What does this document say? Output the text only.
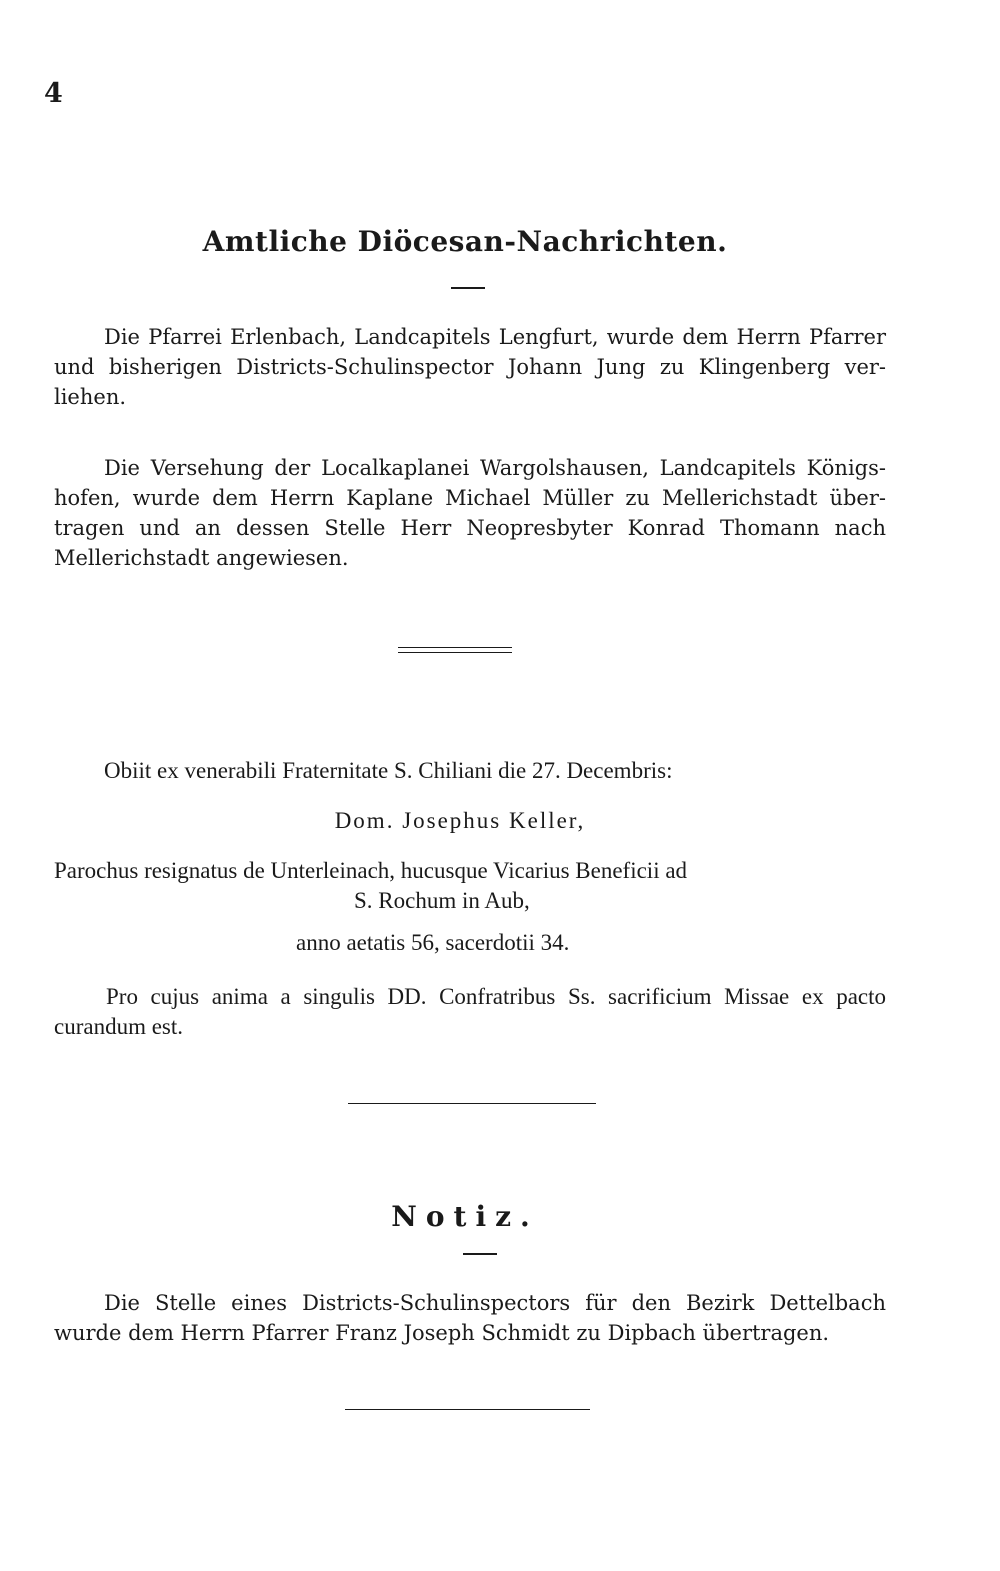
4
Amtliche Diöcesan-Nachrichten.

Die Pfarrei Erlenbach, Landcapitels Lengfurt, wurde dem Herrn Pfarrer und bisherigen Districts-Schulinspector Johann Jung zu Klingenberg ver-liehen.

Die Versehung der Localkaplanei Wargolshausen, Landcapitels Königs-hofen, wurde dem Herrn Kaplane Michael Müller zu Mellerichstadt über-tragen und an dessen Stelle Herr Neopresbyter Konrad Thomann nach Mellerichstadt angewiesen.

Obiit ex venerabili Fraternitate S. Chiliani die 27. Decembris:

Dom. Josephus Keller,

Parochus resignatus de Unterleinach, hucusque Vicarius Beneficii ad
S. Rochum in Aub,

anno aetatis 56, sacerdotii 34.

Pro cujus anima a singulis DD. Confratribus Ss. sacrificium Missae ex pacto curandum est.

Notiz.

Die Stelle eines Districts-Schulinspectors für den Bezirk Dettelbach wurde dem Herrn Pfarrer Franz Joseph Schmidt zu Dipbach übertragen.
